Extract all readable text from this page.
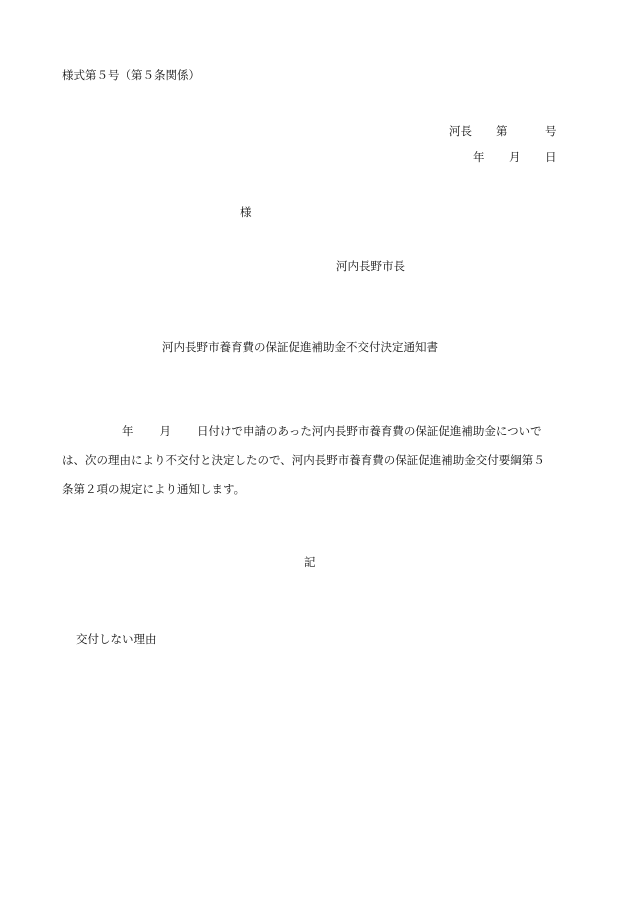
様式第５号（第５条関係）

河長 第	号
年 月 日

様

河内長野市長

河内長野市養育費の保証促進補助金不交付決定通知書

年 月 日付けで申請のあった河内長野市養育費の保証促進補助金についで
は、次の理由により不交付と決定したので、河内長野市養育費の保証促進補助金交付要綱第５
条第２項の規定により通知します。

記

交付しない理由
